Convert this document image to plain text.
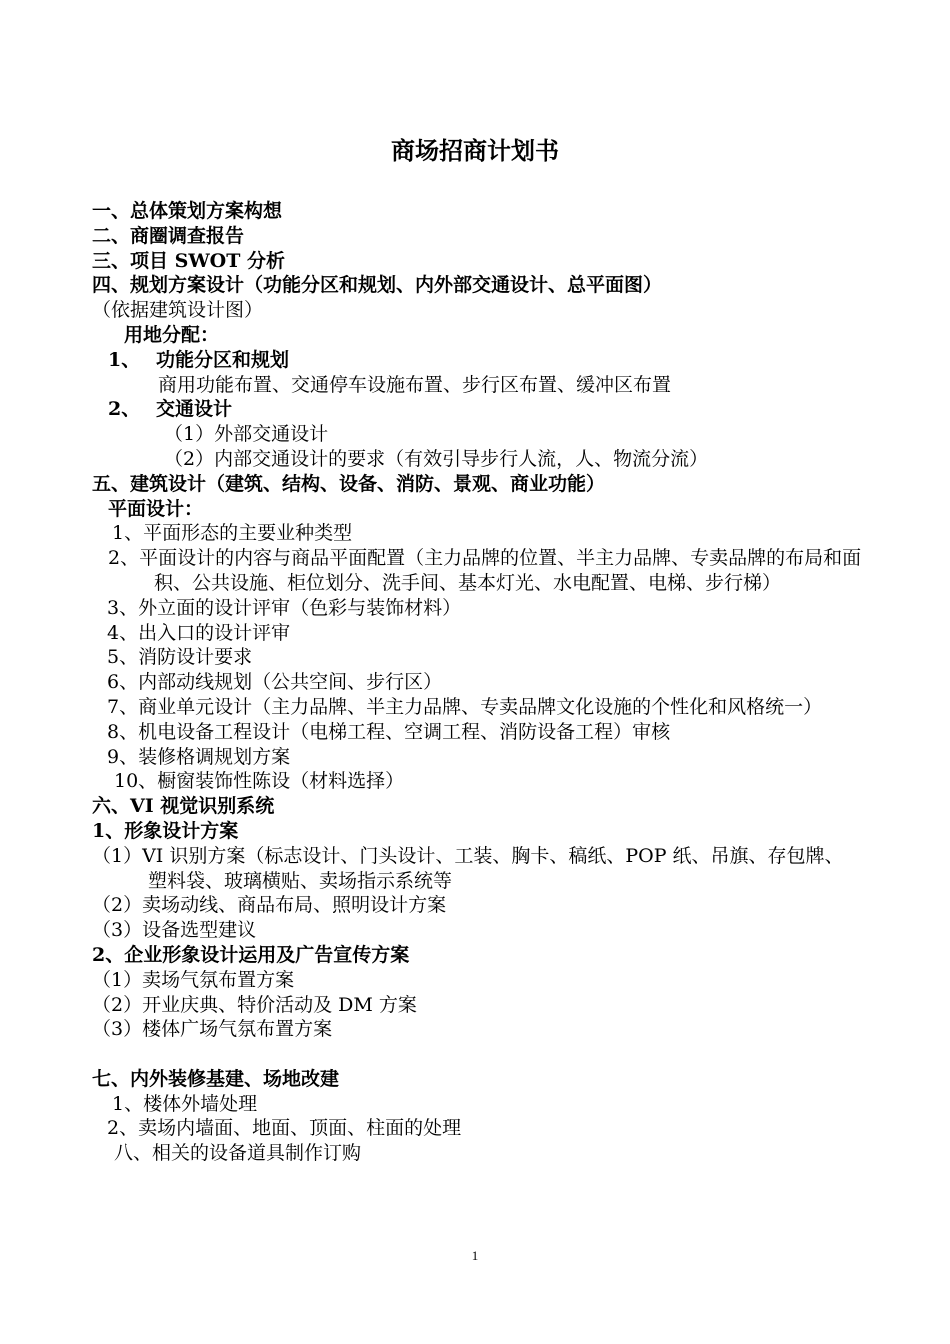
商场招商计划书
一、总体策划方案构想
二、商圈调查报告
三、项目 SWOT 分析
四、规划方案设计（功能分区和规划、内外部交通设计、总平面图）（依据建筑设计图）
用地分配：
1、 功能分区和规划
商用功能布置、交通停车设施布置、步行区布置、缓冲区布置
2、 交通设计
（1）外部交通设计
（2）内部交通设计的要求（有效引导步行人流，人、物流分流）
五、建筑设计（建筑、结构、设备、消防、景观、商业功能）
平面设计：
1、平面形态的主要业种类型
2、平面设计的内容与商品平面配置（主力品牌的位置、半主力品牌、专卖品牌的布局和面积、公共设施、柜位划分、洗手间、基本灯光、水电配置、电梯、步行梯）
3、外立面的设计评审（色彩与装饰材料）
4、出入口的设计评审
5、消防设计要求
6、内部动线规划（公共空间、步行区）
7、商业单元设计（主力品牌、半主力品牌、专卖品牌文化设施的个性化和风格统一）
8、机电设备工程设计（电梯工程、空调工程、消防设备工程）审核
9、装修格调规划方案
10、橱窗装饰性陈设（材料选择）
六、VI 视觉识别系统
1、形象设计方案
（1）VI 识别方案（标志设计、门头设计、工装、胸卡、稿纸、POP 纸、吊旗、存包牌、塑料袋、玻璃横贴、卖场指示系统等
（2）卖场动线、商品布局、照明设计方案
（3）设备选型建议
2、企业形象设计运用及广告宣传方案
（1）卖场气氛布置方案
（2）开业庆典、特价活动及 DM 方案
（3）楼体广场气氛布置方案
七、内外装修基建、场地改建
1、楼体外墙处理
2、卖场内墙面、地面、顶面、柱面的处理
八、相关的设备道具制作订购
1
